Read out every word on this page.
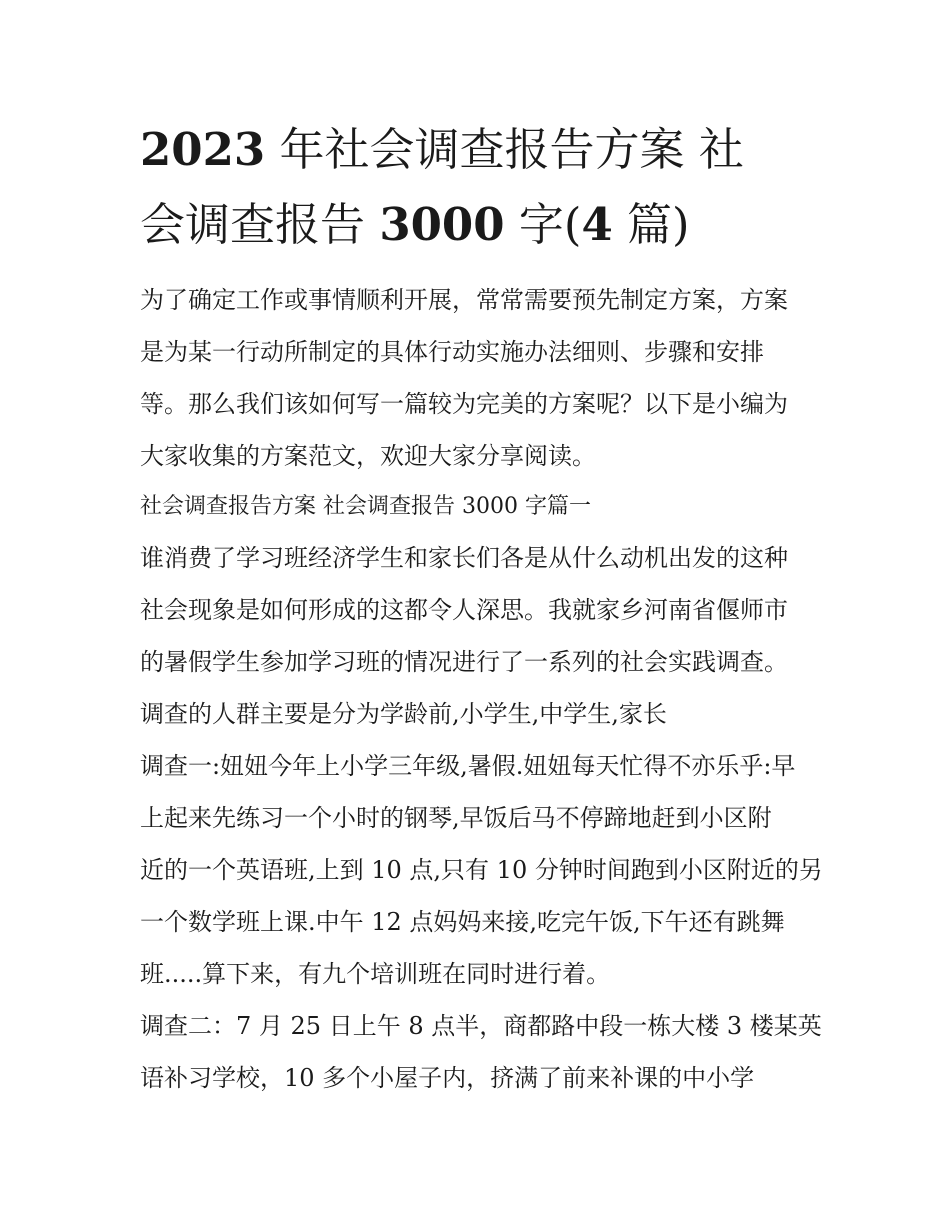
2023 年社会调查报告方案 社
会调查报告 3000 字(4 篇)

为了确定工作或事情顺利开展，常常需要预先制定方案，方案

是为某一行动所制定的具体行动实施办法细则、步骤和安排

等。那么我们该如何写一篇较为完美的方案呢？以下是小编为

大家收集的方案范文，欢迎大家分享阅读。

社会调查报告方案 社会调查报告 3000 字篇一

谁消费了学习班经济学生和家长们各是从什么动机出发的这种

社会现象是如何形成的这都令人深思。我就家乡河南省偃师市

的暑假学生参加学习班的情况进行了一系列的社会实践调查。

调查的人群主要是分为学龄前,小学生,中学生,家长

调查一:妞妞今年上小学三年级,暑假.妞妞每天忙得不亦乐乎:早

上起来先练习一个小时的钢琴,早饭后马不停蹄地赶到小区附

近的一个英语班,上到 10 点,只有 10 分钟时间跑到小区附近的另

一个数学班上课.中午 12 点妈妈来接,吃完午饭,下午还有跳舞

班.....算下来，有九个培训班在同时进行着。

调查二：7 月 25 日上午 8 点半，商都路中段一栋大楼 3 楼某英

语补习学校，10 多个小屋子内，挤满了前来补课的中小学
